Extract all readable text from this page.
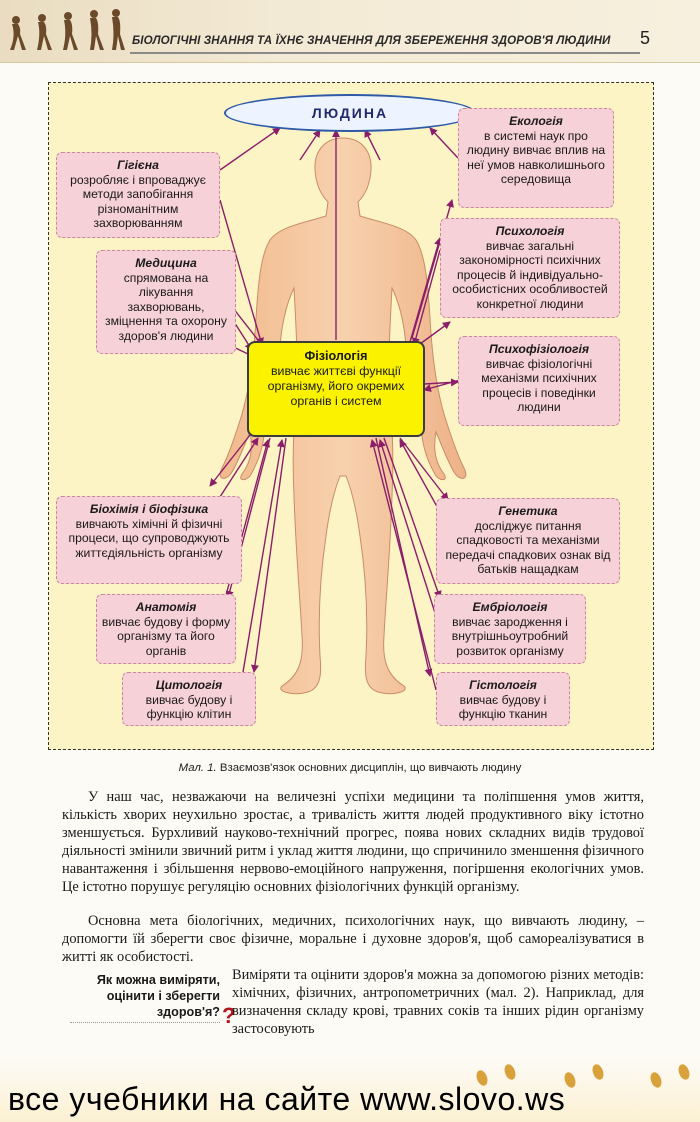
БІОЛОГІЧНІ ЗНАННЯ ТА ЇХНЄ ЗНАЧЕННЯ ДЛЯ ЗБЕРЕЖЕННЯ ЗДОРОВ'Я ЛЮДИНИ 5
ЛЮДИНА
Фізіологія
вивчає життєві функції організму, його окремих органів і систем
Гігієна
розробляє і впроваджує методи запобігання різноманітним захворюванням
Медицина
спрямована на лікування захворювань, зміцнення та охорону здоров'я людини
Біохімія і біофізика
вивчають хімічні й фізичні процеси, що супроводжують життєдіяльність організму
Анатомія
вивчає будову і форму організму та його органів
Цитологія
вивчає будову і функцію клітин
Екологія
в системі наук про людину вивчає вплив на неї умов навколишнього середовища
Психологія
вивчає загальні закономірності психічних процесів й індивідуально-особистісних особливостей конкретної людини
Психофізіологія
вивчає фізіологічні механізми психічних процесів і поведінки людини
Генетика
досліджує питання спадковості та механізми передачі спадкових ознак від батьків нащадкам
Ембріологія
вивчає зародження і внутрішньоутробний розвиток організму
Гістологія
вивчає будову і функцію тканин
Мал. 1. Взаємозв'язок основних дисциплін, що вивчають людину

У наш час, незважаючи на величезні успіхи медицини та поліпшення умов життя, кількість хворих неухильно зростає, а тривалість життя людей продуктивного віку істотно зменшується. Бурхливий науково-технічний прогрес, поява нових складних видів трудової діяльності змінили звичний ритм і уклад життя людини, що спричинило зменшення фізичного навантаження і збільшення нервово-емоційного напруження, погіршення екологічних умов. Це істотно порушує регуляцію основних фізіологічних функцій організму.

Основна мета біологічних, медичних, психологічних наук, що вивчають людину, – допомогти їй зберегти своє фізичне, моральне і духовне здоров'я, щоб самореалізуватися в житті як особистості.

Як можна виміряти, оцінити і зберегти здоров'я? ?

Виміряти та оцінити здоров'я можна за допомогою різних методів: хімічних, фізичних, антропометричних (мал. 2). Наприклад, для визначення складу крові, травних соків та інших рідин організму застосовують

все учебники на сайте www.slovo.ws
